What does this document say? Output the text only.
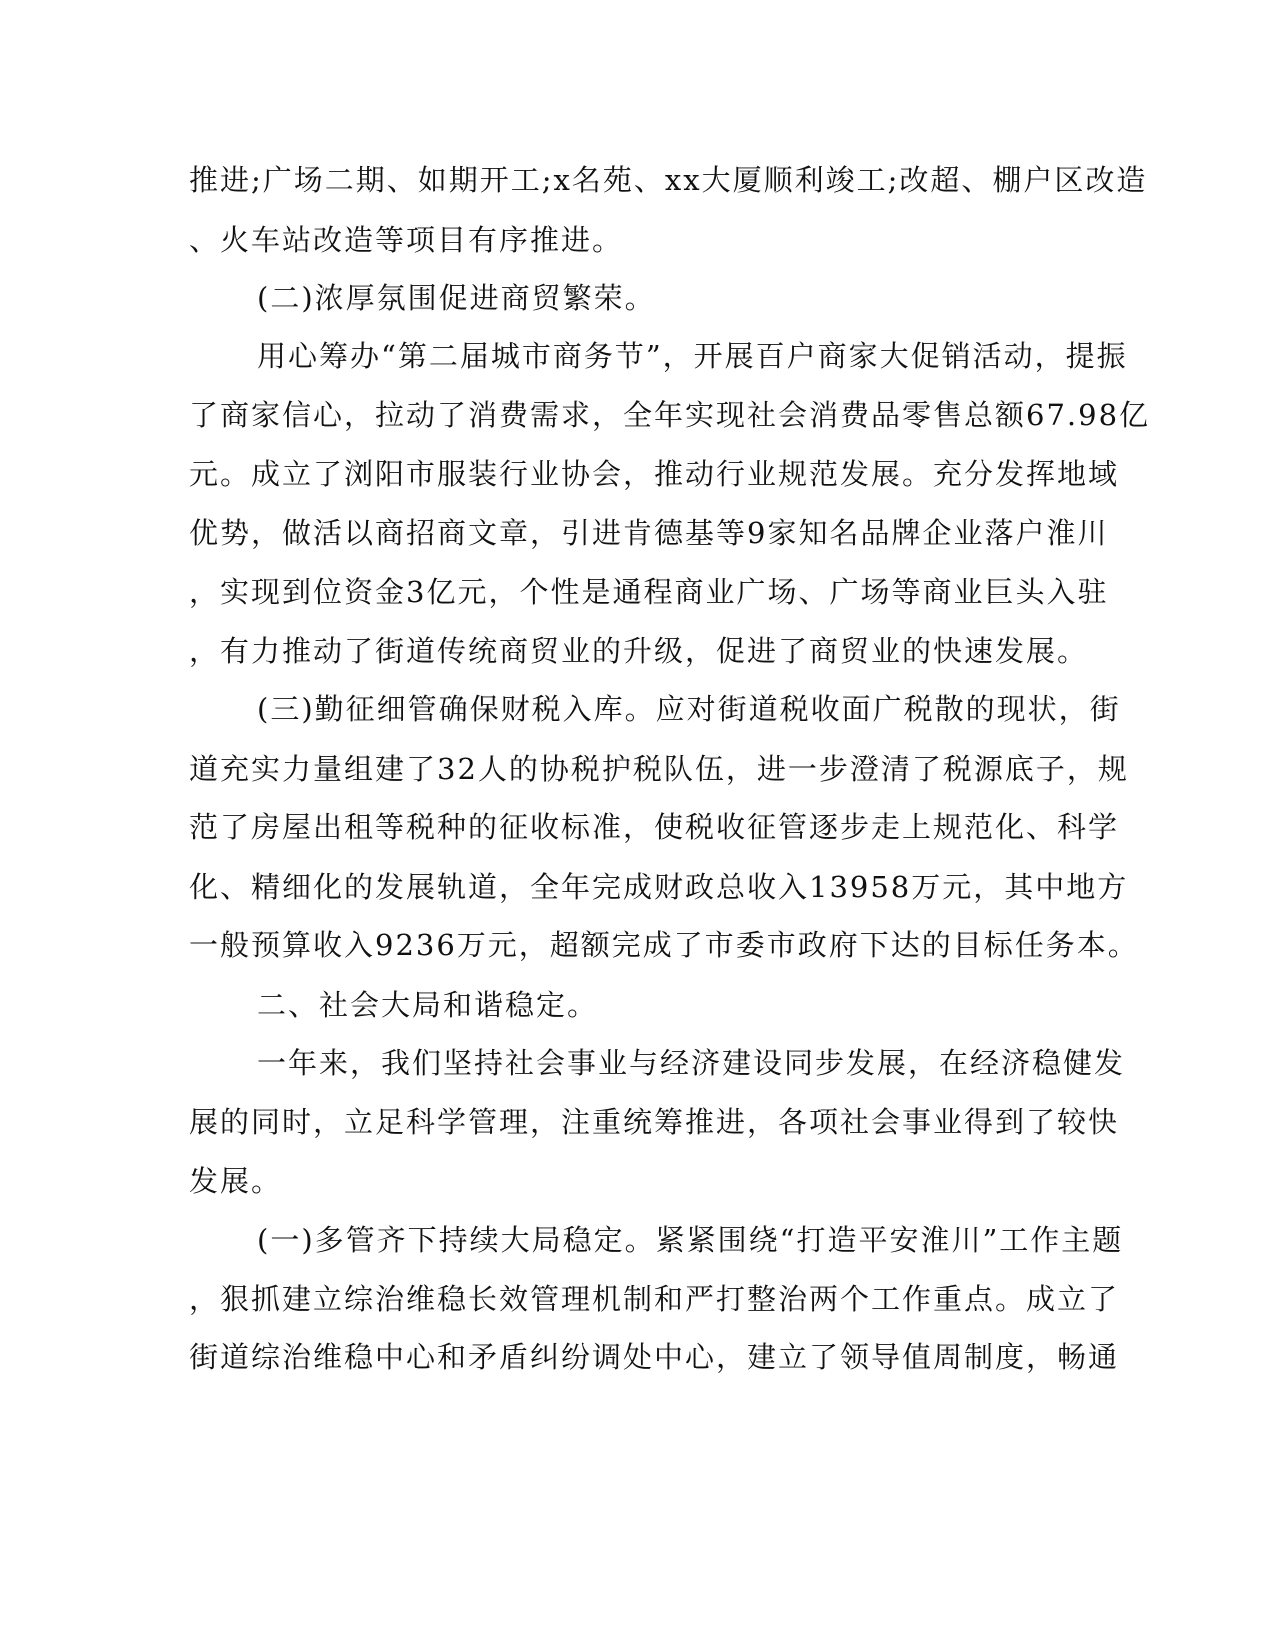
推进;广场二期、如期开工;x名苑、xx大厦顺利竣工;改超、棚户区改造
、火车站改造等项目有序推进。
(二)浓厚氛围促进商贸繁荣。
用心筹办“第二届城市商务节”，开展百户商家大促销活动，提振
了商家信心，拉动了消费需求，全年实现社会消费品零售总额67.98亿
元。成立了浏阳市服装行业协会，推动行业规范发展。充分发挥地域
优势，做活以商招商文章，引进肯德基等9家知名品牌企业落户淮川
，实现到位资金3亿元，个性是通程商业广场、广场等商业巨头入驻
，有力推动了街道传统商贸业的升级，促进了商贸业的快速发展。
(三)勤征细管确保财税入库。应对街道税收面广税散的现状，街
道充实力量组建了32人的协税护税队伍，进一步澄清了税源底子，规
范了房屋出租等税种的征收标准，使税收征管逐步走上规范化、科学
化、精细化的发展轨道，全年完成财政总收入13958万元，其中地方
一般预算收入9236万元，超额完成了市委市政府下达的目标任务本。
二、社会大局和谐稳定。
一年来，我们坚持社会事业与经济建设同步发展，在经济稳健发
展的同时，立足科学管理，注重统筹推进，各项社会事业得到了较快
发展。
(一)多管齐下持续大局稳定。紧紧围绕“打造平安淮川”工作主题
，狠抓建立综治维稳长效管理机制和严打整治两个工作重点。成立了
街道综治维稳中心和矛盾纠纷调处中心，建立了领导值周制度，畅通
